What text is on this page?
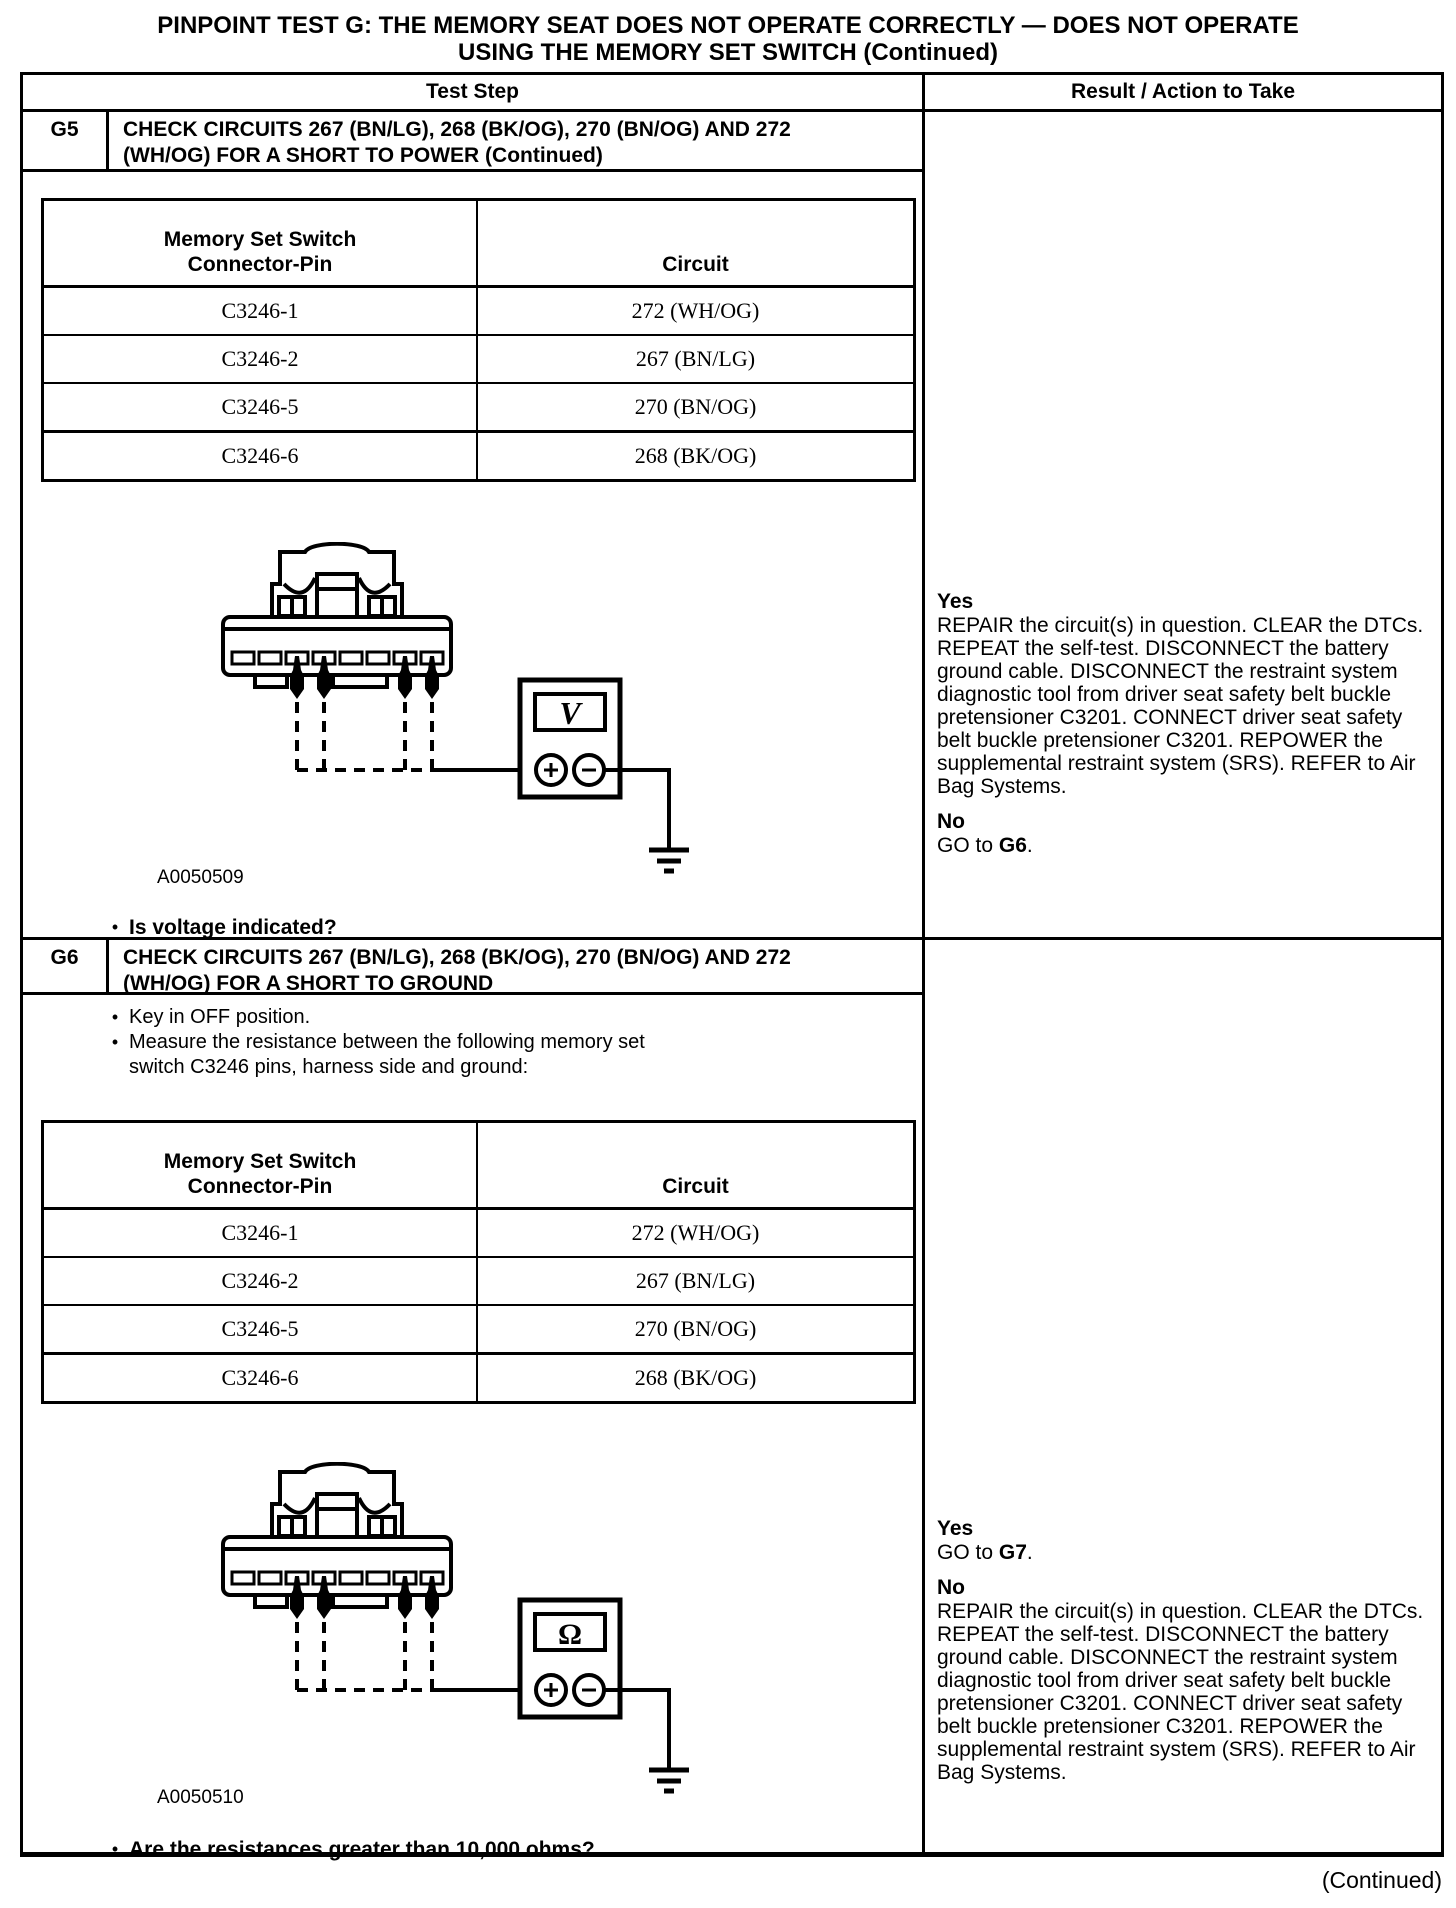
PINPOINT TEST G: THE MEMORY SEAT DOES NOT OPERATE CORRECTLY — DOES NOT OPERATE
USING THE MEMORY SET SWITCH (Continued)
Test Step	Result / Action to Take
G5	CHECK CIRCUITS 267 (BN/LG), 268 (BK/OG), 270 (BN/OG) AND 272 (WH/OG) FOR A SHORT TO POWER (Continued)
Yes
REPAIR the circuit(s) in question. CLEAR the DTCs. REPEAT the self-test. DISCONNECT the battery ground cable. DISCONNECT the restraint system diagnostic tool from driver seat safety belt buckle pretensioner C3201. CONNECT driver seat safety belt buckle pretensioner C3201. REPOWER the supplemental restraint system (SRS). REFER to Air Bag Systems.
No
GO to G6.
Memory Set Switch
Connector-Pin	Circuit
C3246-1	272 (WH/OG)
C3246-2	267 (BN/LG)
C3246-5	270 (BN/OG)
C3246-6	268 (BK/OG)
V
A0050509
• Is voltage indicated?
G6	CHECK CIRCUITS 267 (BN/LG), 268 (BK/OG), 270 (BN/OG) AND 272 (WH/OG) FOR A SHORT TO GROUND
Yes
GO to G7.
No
REPAIR the circuit(s) in question. CLEAR the DTCs. REPEAT the self-test. DISCONNECT the battery ground cable. DISCONNECT the restraint system diagnostic tool from driver seat safety belt buckle pretensioner C3201. CONNECT driver seat safety belt buckle pretensioner C3201. REPOWER the supplemental restraint system (SRS). REFER to Air Bag Systems.
• Key in OFF position.
• Measure the resistance between the following memory set switch C3246 pins, harness side and ground:
Memory Set Switch
Connector-Pin	Circuit
C3246-1	272 (WH/OG)
C3246-2	267 (BN/LG)
C3246-5	270 (BN/OG)
C3246-6	268 (BK/OG)
Ω
A0050510
• Are the resistances greater than 10,000 ohms?
(Continued)
